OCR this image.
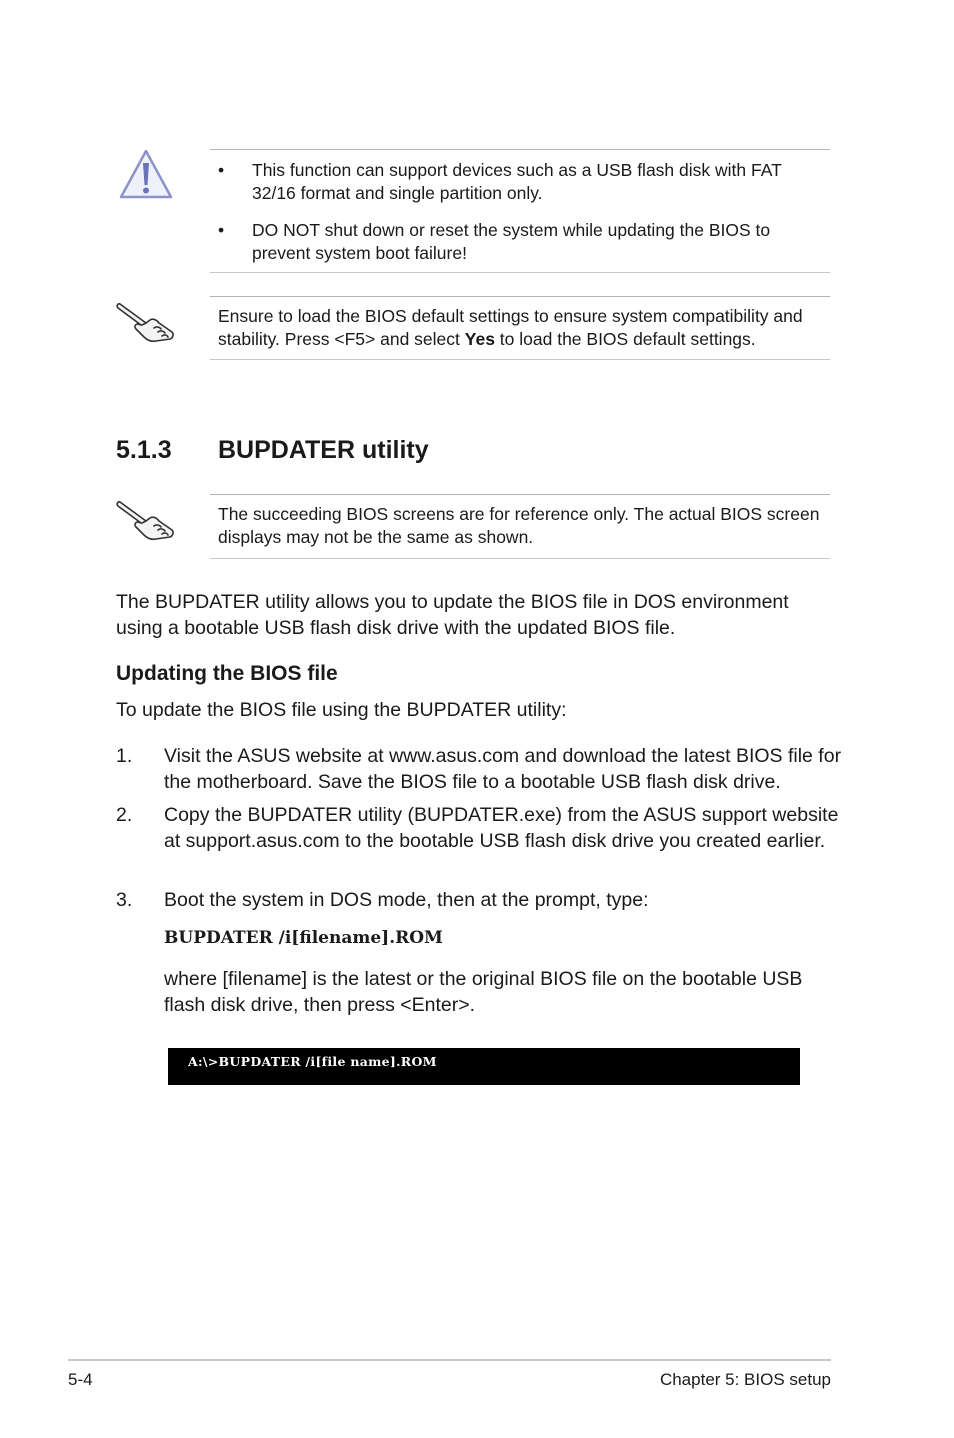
• This function can support devices such as a USB flash disk with FAT 32/16 format and single partition only.
• DO NOT shut down or reset the system while updating the BIOS to prevent system boot failure!
Ensure to load the BIOS default settings to ensure system compatibility and stability. Press <F5> and select Yes to load the BIOS default settings.
5.1.3 BUPDATER utility
The succeeding BIOS screens are for reference only. The actual BIOS screen displays may not be the same as shown.
The BUPDATER utility allows you to update the BIOS file in DOS environment using a bootable USB flash disk drive with the updated BIOS file.
Updating the BIOS file
To update the BIOS file using the BUPDATER utility:
1. Visit the ASUS website at www.asus.com and download the latest BIOS file for the motherboard. Save the BIOS file to a bootable USB flash disk drive.
2. Copy the BUPDATER utility (BUPDATER.exe) from the ASUS support website at support.asus.com to the bootable USB flash disk drive you created earlier.
3. Boot the system in DOS mode, then at the prompt, type:
BUPDATER /i[filename].ROM
where [filename] is the latest or the original BIOS file on the bootable USB flash disk drive, then press <Enter>.
A:\>BUPDATER /i[file name].ROM
5-4	Chapter 5: BIOS setup
